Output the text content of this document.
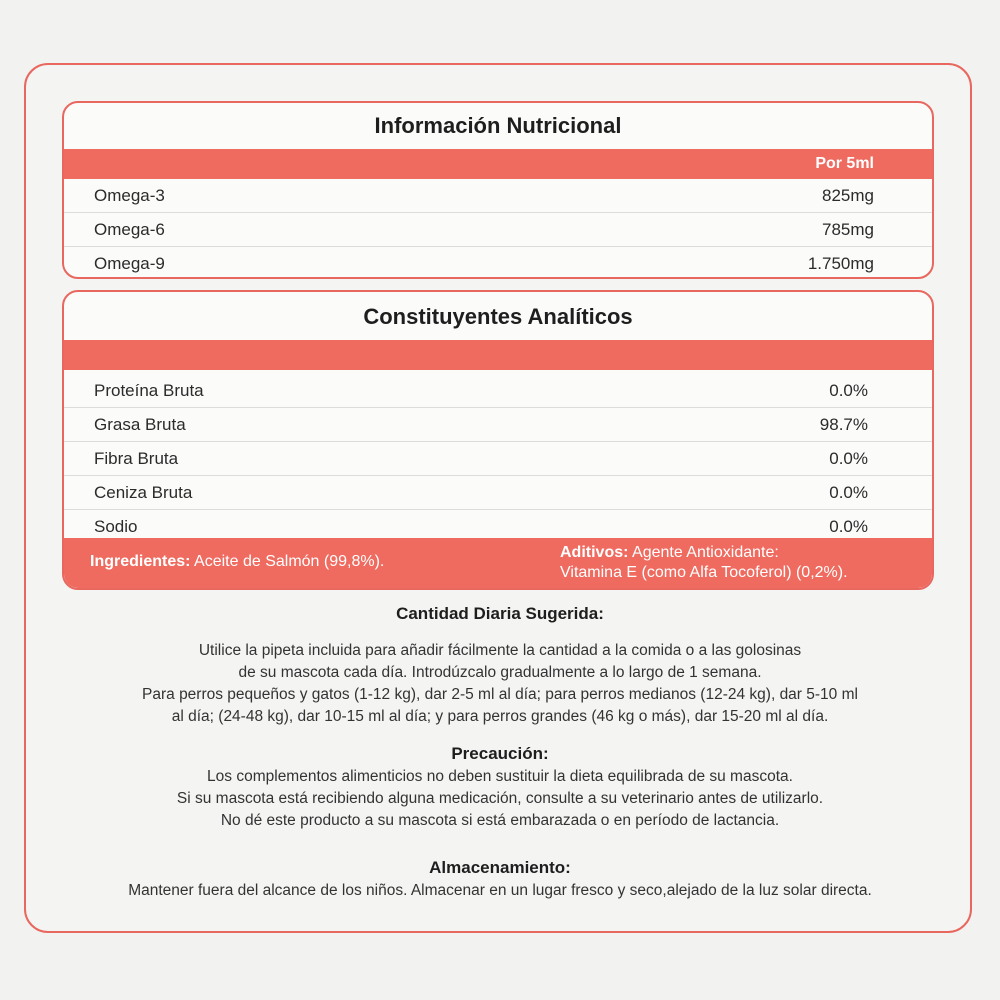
Información Nutricional
Por 5ml
Omega-3	825mg
Omega-6	785mg
Omega-9	1.750mg
Constituyentes Analíticos
Proteína Bruta	0.0%
Grasa Bruta	98.7%
Fibra Bruta	0.0%
Ceniza Bruta	0.0%
Sodio	0.0%
Ingredientes: Aceite de Salmón (99,8%).
Aditivos: Agente Antioxidante:
Vitamina E (como Alfa Tocoferol) (0,2%).
Cantidad Diaria Sugerida:

Utilice la pipeta incluida para añadir fácilmente la cantidad a la comida o a las golosinas

de su mascota cada día. Introdúzcalo gradualmente a lo largo de 1 semana.

Para perros pequeños y gatos (1-12 kg), dar 2-5 ml al día; para perros medianos (12-24 kg), dar 5-10 ml

al día; (24-48 kg), dar 10-15 ml al día; y para perros grandes (46 kg o más), dar 15-20 ml al día.

Precaución:

Los complementos alimenticios no deben sustituir la dieta equilibrada de su mascota.

Si su mascota está recibiendo alguna medicación, consulte a su veterinario antes de utilizarlo.

No dé este producto a su mascota si está embarazada o en período de lactancia.

Almacenamiento:

Mantener fuera del alcance de los niños. Almacenar en un lugar fresco y seco,alejado de la luz solar directa.
